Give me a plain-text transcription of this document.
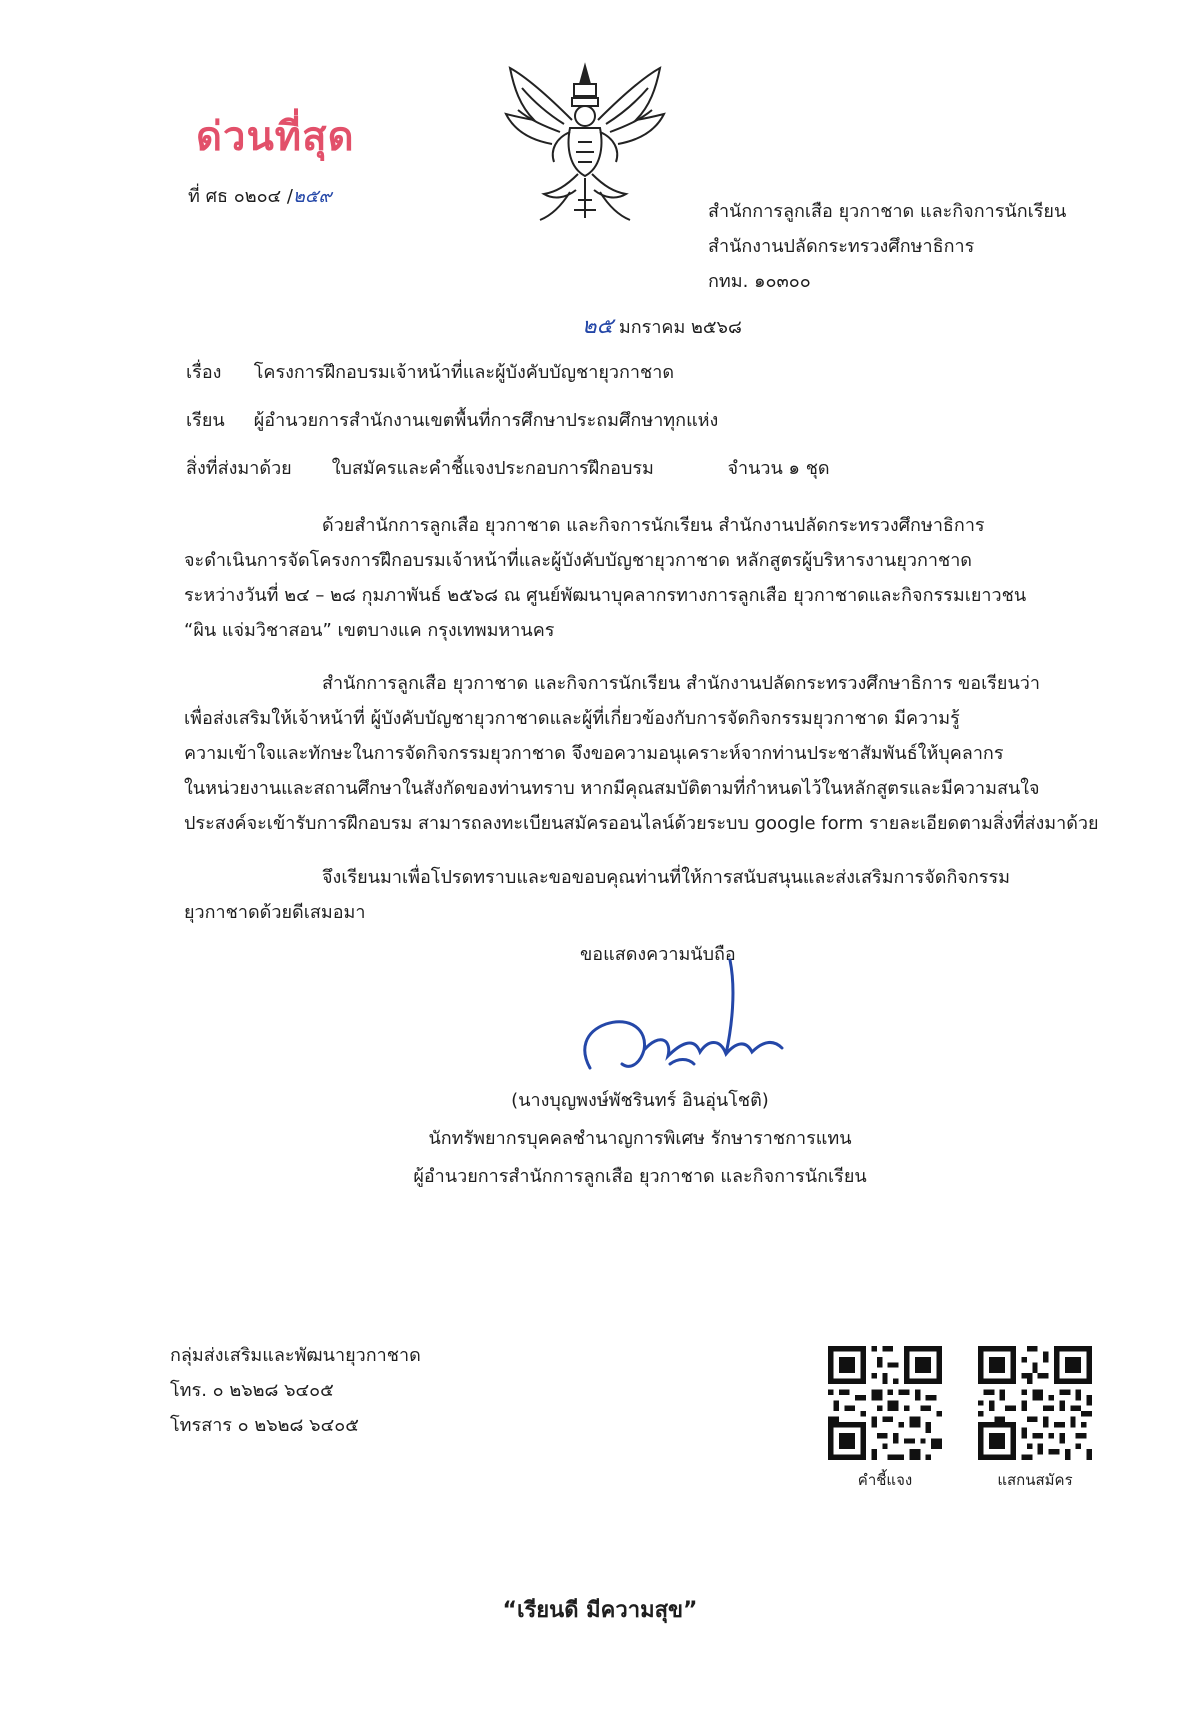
ด่วนที่สุด
ที่ ศธ ๐๒๐๔ /๒๕๙
สำนักการลูกเสือ ยุวกาชาด และกิจการนักเรียน
สำนักงานปลัดกระทรวงศึกษาธิการ
กทม. ๑๐๓๐๐
๒๕ มกราคม ๒๕๖๘
เรื่อง โครงการฝึกอบรมเจ้าหน้าที่และผู้บังคับบัญชายุวกาชาด
เรียน ผู้อำนวยการสำนักงานเขตพื้นที่การศึกษาประถมศึกษาทุกแห่ง
สิ่งที่ส่งมาด้วย ใบสมัครและคำชี้แจงประกอบการฝึกอบรม	จำนวน ๑ ชุด
ด้วยสำนักการลูกเสือ ยุวกาชาด และกิจการนักเรียน สำนักงานปลัดกระทรวงศึกษาธิการ
จะดำเนินการจัดโครงการฝึกอบรมเจ้าหน้าที่และผู้บังคับบัญชายุวกาชาด หลักสูตรผู้บริหารงานยุวกาชาด
ระหว่างวันที่ ๒๔ – ๒๘ กุมภาพันธ์ ๒๕๖๘ ณ ศูนย์พัฒนาบุคลากรทางการลูกเสือ ยุวกาชาดและกิจกรรมเยาวชน
“ผิน แจ่มวิชาสอน” เขตบางแค กรุงเทพมหานคร
สำนักการลูกเสือ ยุวกาชาด และกิจการนักเรียน สำนักงานปลัดกระทรวงศึกษาธิการ ขอเรียนว่า
เพื่อส่งเสริมให้เจ้าหน้าที่ ผู้บังคับบัญชายุวกาชาดและผู้ที่เกี่ยวข้องกับการจัดกิจกรรมยุวกาชาด มีความรู้
ความเข้าใจและทักษะในการจัดกิจกรรมยุวกาชาด จึงขอความอนุเคราะห์จากท่านประชาสัมพันธ์ให้บุคลากร
ในหน่วยงานและสถานศึกษาในสังกัดของท่านทราบ หากมีคุณสมบัติตามที่กำหนดไว้ในหลักสูตรและมีความสนใจ
ประสงค์จะเข้ารับการฝึกอบรม สามารถลงทะเบียนสมัครออนไลน์ด้วยระบบ google form รายละเอียดตามสิ่งที่ส่งมาด้วย
จึงเรียนมาเพื่อโปรดทราบและขอขอบคุณท่านที่ให้การสนับสนุนและส่งเสริมการจัดกิจกรรม
ยุวกาชาดด้วยดีเสมอมา
ขอแสดงความนับถือ
(นางบุญพงษ์พัชรินทร์ อินอุ่นโชติ)
นักทรัพยากรบุคคลชำนาญการพิเศษ รักษาราชการแทน
ผู้อำนวยการสำนักการลูกเสือ ยุวกาชาด และกิจการนักเรียน
กลุ่มส่งเสริมและพัฒนายุวกาชาด
โทร. ๐ ๒๖๒๘ ๖๔๐๕
โทรสาร ๐ ๒๖๒๘ ๖๔๐๕
คำชี้แจง	แสกนสมัคร
“เรียนดี มีความสุข”
